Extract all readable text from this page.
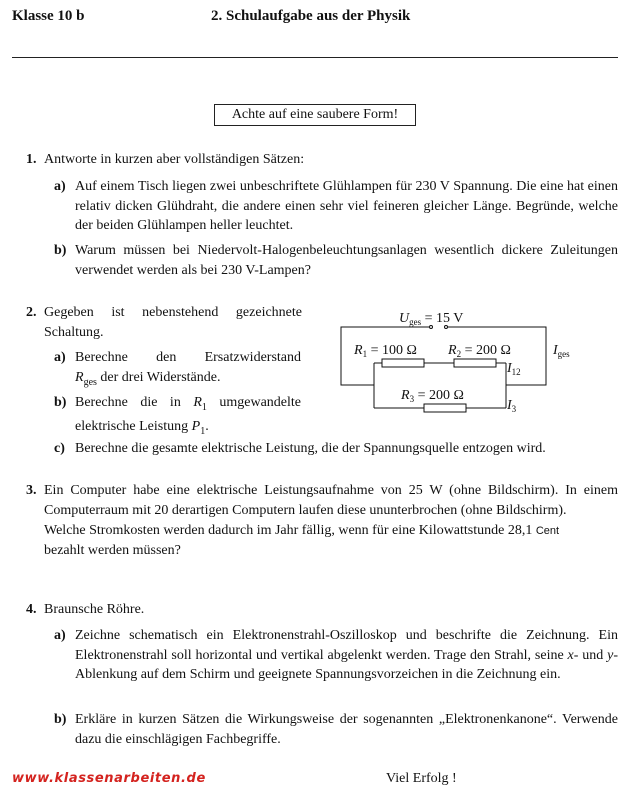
Klasse 10 b	2. Schulaufgabe aus der Physik
Achte auf eine saubere Form!
1. Antworte in kurzen aber vollständigen Sätzen:
a) Auf einem Tisch liegen zwei unbeschriftete Glühlampen für 230 V Spannung. Die eine hat einen relativ dicken Glühdraht, die andere einen sehr viel feineren gleicher Länge. Begründe, welche der beiden Glühlampen heller leuchtet.
b) Warum müssen bei Niedervolt-Halogenbeleuchtungsanlagen wesentlich dickere Zuleitungen verwendet werden als bei 230 V-Lampen?
2. Gegeben ist nebenstehend gezeichnete
Schaltung.
a) Berechne den Ersatzwiderstand
$R_{ges}$ der drei Widerstände.
b) Berechne die in $R_1$ umgewandelte
elektrische Leistung $P_1$.
c) Berechne die gesamte elektrische Leistung, die der Spannungsquelle entzogen wird.
$U_{ges} = 15$ V
$R_1 = 100$ Ω $R_2 = 200$ Ω
$R_3 = 200$ Ω
$I_{ges}$
$I_{12}$
$I_3$
3. Ein Computer habe eine elektrische Leistungsaufnahme von 25 W (ohne Bildschirm). In einem Computerraum mit 20 derartigen Computern laufen diese ununterbrochen (ohne Bildschirm).
Welche Stromkosten werden dadurch im Jahr fällig, wenn für eine Kilowattstunde 28,1 Cent
bezahlt werden müssen?
4. Braunsche Röhre.
a) Zeichne schematisch ein Elektronenstrahl-Oszilloskop und beschrifte die Zeichnung. Ein Elektronenstrahl soll horizontal und vertikal abgelenkt werden. Trage den Strahl, seine x- und y-Ablenkung auf dem Schirm und geeignete Spannungsvorzeichen in die Zeichnung ein.
b) Erkläre in kurzen Sätzen die Wirkungsweise der sogenannten „Elektronenkanone“. Verwende dazu die einschlägigen Fachbegriffe.
www.klassenarbeiten.de	Viel Erfolg !
